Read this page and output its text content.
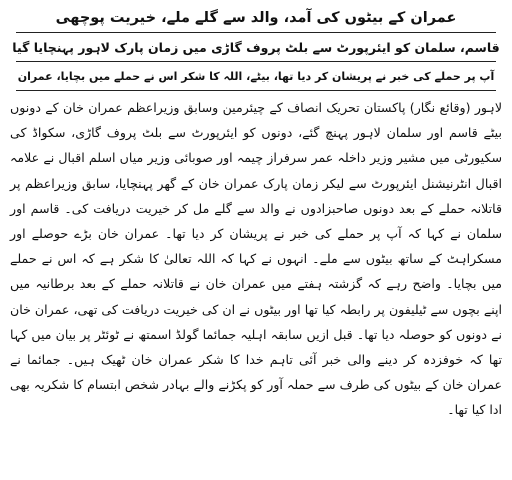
عمران کے بیٹوں کی آمد، والد سے گلے ملے، خیریت پوچھی
قاسم، سلمان کو ایئرپورٹ سے بلٹ پروف گاڑی میں زمان پارک لاہور پہنچایا گیا
آپ پر حملے کی خبر نے پریشان کر دیا تھا، بیٹے، اللہ کا شکر اس نے حملے میں بچایا، عمران
لاہور (وقائع نگار) پاکستان تحریک انصاف کے چیئرمین وسابق وزیراعظم عمران خان کے دونوں بیٹے قاسم اور سلمان لاہور پہنچ گئے، دونوں کو ایئرپورٹ سے بلٹ پروف گاڑی، سکواڈ کی سکیورٹی میں مشیر وزیر داخلہ عمر سرفراز چیمہ اور صوبائی وزیر میاں اسلم اقبال نے علامہ اقبال انٹرنیشنل ایئرپورٹ سے لیکر زمان پارک عمران خان کے گھر پہنچایا، سابق وزیراعظم پر قاتلانہ حملے کے بعد دونوں صاحبزادوں نے والد سے گلے مل کر خیریت دریافت کی۔ قاسم اور سلمان نے کہا کہ آپ پر حملے کی خبر نے پریشان کر دیا تھا۔ عمران خان بڑے حوصلے اور مسکراہٹ کے ساتھ بیٹوں سے ملے۔ انہوں نے کہا کہ اللہ تعالیٰ کا شکر ہے کہ اس نے حملے میں بچایا۔ واضح رہے کہ گزشتہ ہفتے میں عمران خان نے قاتلانہ حملے کے بعد برطانیہ میں اپنے بچوں سے ٹیلیفون پر رابطہ کیا تھا اور بیٹوں نے ان کی خیریت دریافت کی تھی، عمران خان نے دونوں کو حوصلہ دیا تھا۔ قبل ازیں سابقہ اہلیہ جمائما گولڈ اسمتھ نے ٹوئٹر پر بیان میں کہا تھا کہ خوفزدہ کر دینے والی خبر آئی تاہم خدا کا شکر عمران خان ٹھیک ہیں۔ جمائما نے عمران خان کے بیٹوں کی طرف سے حملہ آور کو پکڑنے والے بہادر شخص ابتسام کا شکریہ بھی ادا کیا تھا۔
